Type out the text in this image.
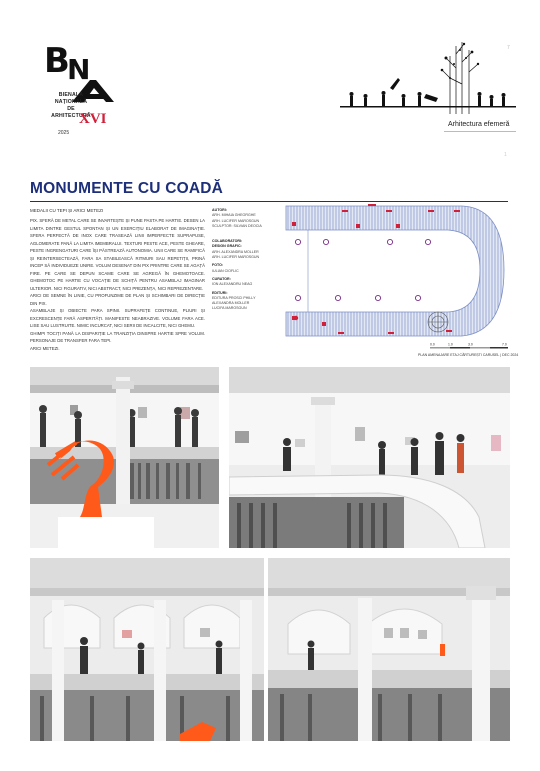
B
N
BIENALA
NAȚIONALĂ
DE
ARHITECTURĂ
XVI
2025
Arhitectura efemeră
7
1
MONUMENTE CU COADĂ
MEDALII CU TEPI ȘI ARICI METEZI
PIX. SFERĂ DE METAL CARE SE INVARTEȘTE ȘI PUNE PASTA PE HARTIE. DESEN LA LIMITA DINTRE GESTUL SPONTAN ȘI UN EXERCIȚIU ELABORAT DE IMAGINAȚIE. SFERA PERFECTĂ DE INOX CARE TRASEAZĂ LINII IMPERFECTE SUPRAPUSE, AGLOMERATE PANĂ LA LIMITA IMEMBRALUI. TEXTURI PESTE ACE, PESTE GHEARE, PESTE INGRENGATURI CARE ÎȘI PĂSTREAZĂ AUTONOMIA. UNII CARE SE RAMIFICĂ ȘI REINTERSECTEAZĂ, FARA SA STABILEASCĂ RITMURI SAU REPETIȚII, PRINĂ INCEP SĂ INDIVIDUEZE UNIRE. VOLUM DESENAT DIN PIX PRINTRE CARE SE AGAȚĂ FIRE. PE CARE SE DEPUN SCAME CARE SE AGREGĂ ÎN GHEMOTOACE. GHEMOTOC PE HARTIE CU VOCAȚIE DE SCHIȚĂ PENTRU ASAMBLAJ IMAGINAR ULTERIOR. NICI FIGURATIV, NICI ABSTRACT, NICI PREZENȚA, NICI REPREZENTARE.
ARICI DE SEMNE ÎN LINIE, CU PROFUNZIME DE PLAN ȘI SCHIMBARI DE DIRECȚIE DIN PIX.
ASAMBLAJE ȘI OBIECTE PARA SPINII. SUPRAFEȚE CONTINUE, PLIURI ȘI EXCRESCENȚE FARĂ ASPERITĂȚI. MANIFESTE NEABRAZIVE. VOLUME FARA ACE. LISE SAU LUSTRUITE. NIMIC INCURCAT, NICI SERII DE INCALCITE, NICI GHEMU.
GHIMPI TOCIȚI PANĂ LA DISPARIȚIE LA TRANZIȚIA DINSPRE HARTIE SPRE VOLUM. PERSONAJE DE TRANSFER FARA TEPI.
ARICI METEZI.
AUTORI:
ARH. MIHAIA GHEORGHE
ARH. LUCIFER MAROSGUN
SCULPTOR: SILVIAN DEOCIA
COLABORATORI:
DESIGN GRAFIC:
ARH. ALEXANDRA MOLLER
ARH. LUCIFER MAROSGUN
FOTO:
IULIAN CIOFLIC
CURATOR:
ION ALEXANDRU NEAG
EDITURI:
EDITURA PROSCI PHILLY
ALEXANDRA MOLLER
LUCIFA MAROSGUN
0.0	1.0	3.0	7.0
PLAN AMENAJARE ETAJ CĂRTUREȘTI CARUSEL | DEC 2024
